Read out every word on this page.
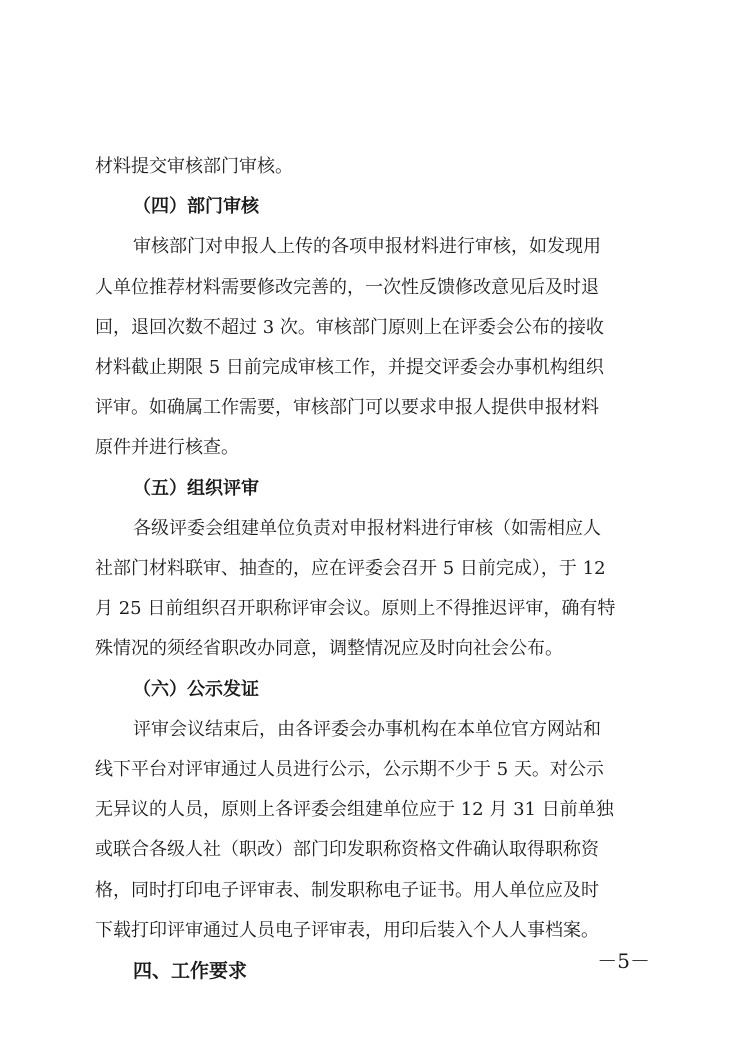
材料提交审核部门审核。
（四）部门审核
审核部门对申报人上传的各项申报材料进行审核，如发现用
人单位推荐材料需要修改完善的，一次性反馈修改意见后及时退
回，退回次数不超过 3 次。审核部门原则上在评委会公布的接收
材料截止期限 5 日前完成审核工作，并提交评委会办事机构组织
评审。如确属工作需要，审核部门可以要求申报人提供申报材料
原件并进行核查。
（五）组织评审
各级评委会组建单位负责对申报材料进行审核（如需相应人
社部门材料联审、抽查的，应在评委会召开 5 日前完成），于 12
月 25 日前组织召开职称评审会议。原则上不得推迟评审，确有特
殊情况的须经省职改办同意，调整情况应及时向社会公布。
（六）公示发证
评审会议结束后，由各评委会办事机构在本单位官方网站和
线下平台对评审通过人员进行公示，公示期不少于 5 天。对公示
无异议的人员，原则上各评委会组建单位应于 12 月 31 日前单独
或联合各级人社（职改）部门印发职称资格文件确认取得职称资
格，同时打印电子评审表、制发职称电子证书。用人单位应及时
下载打印评审通过人员电子评审表，用印后装入个人人事档案。
四、工作要求	－5－
